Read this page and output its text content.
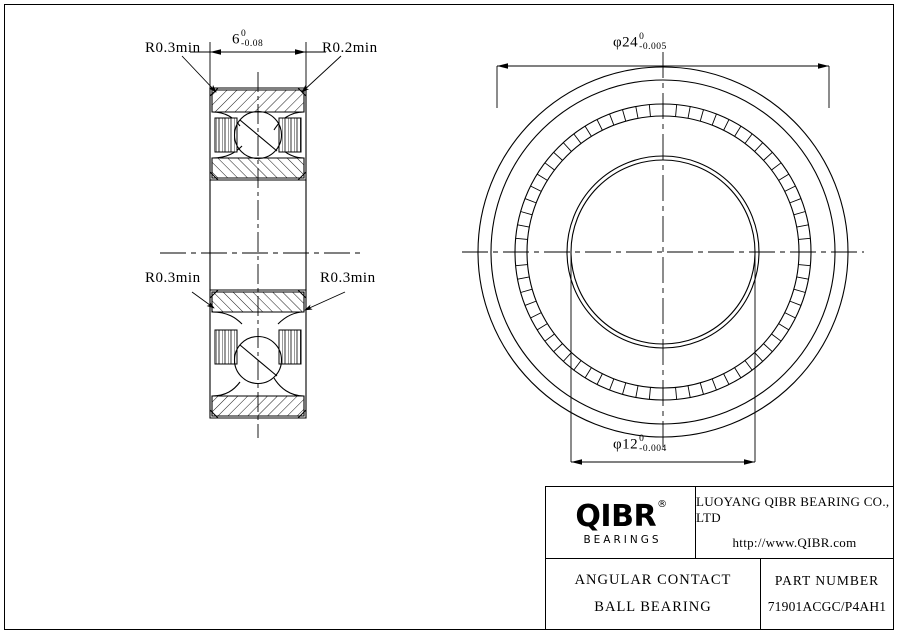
R0.3min	R0.2min
R0.3min	R0.3min
6 0
-0.08	φ24 0
-0.005
φ12 0
-0.004
QIBR®
BEARINGS
LUOYANG QIBR BEARING CO., LTD
http://www.QIBR.com
ANGULAR CONTACT
BALL BEARING
PART NUMBER
71901ACGC/P4AH1
